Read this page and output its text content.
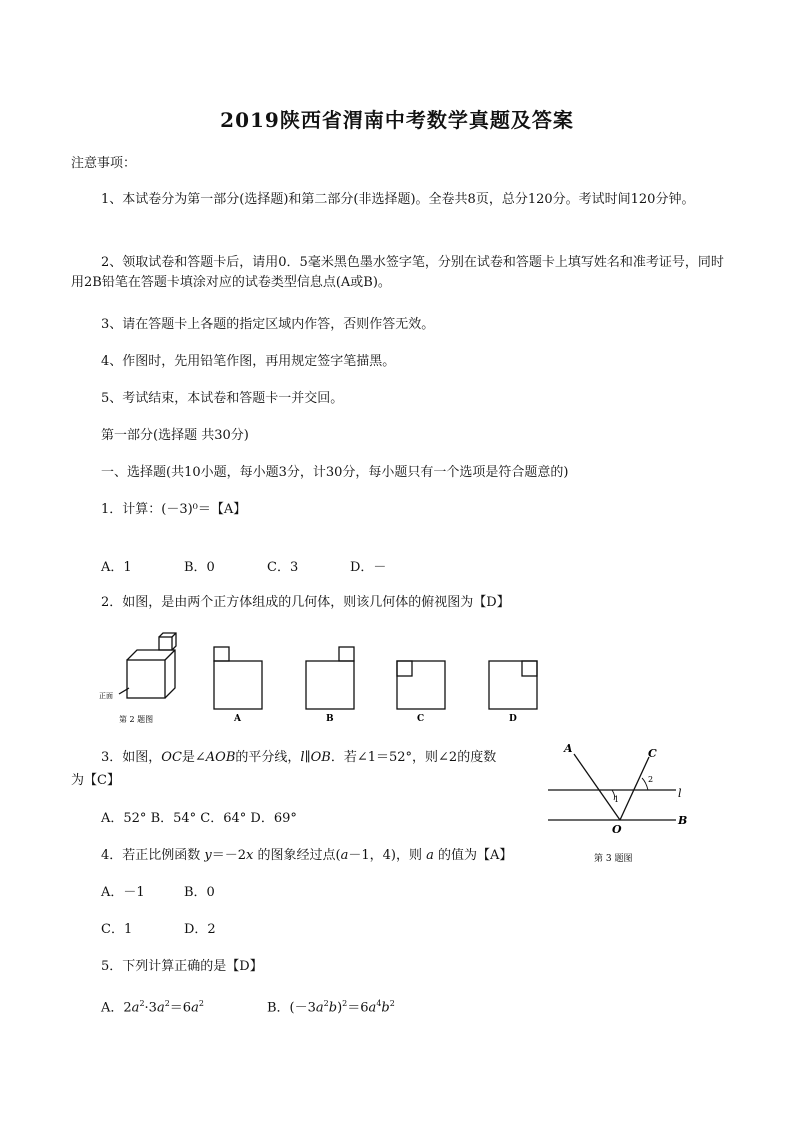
2019陕西省渭南中考数学真题及答案
注意事项：
1、本试卷分为第一部分(选择题)和第二部分(非选择题)。全卷共8页，总分120分。考试时间120分钟。
2、领取试卷和答题卡后，请用0．5毫米黑色墨水签字笔，分别在试卷和答题卡上填写姓名和准考证号，同时用2B铅笔在答题卡填涂对应的试卷类型信息点(A或B)。
3、请在答题卡上各题的指定区域内作答，否则作答无效。
4、作图时，先用铅笔作图，再用规定签字笔描黑。
5、考试结束，本试卷和答题卡一并交回。
第一部分(选择题 共30分)
一、选择题(共10小题，每小题3分，计30分，每小题只有一个选项是符合题意的)
1．计算：(－3)⁰＝【A】
A．1	B．0	C．3	D．－
2．如图，是由两个正方体组成的几何体，则该几何体的俯视图为【D】
正面
第 2 题图	A	B	C	D
3．如图，OC是∠AOB的平分线，l∥OB．若∠1＝52°，则∠2的度数
为【C】
A．52° B．54° C．64° D．69°
A	C
O
B
l
1
2
第 3 题图
4．若正比例函数 y＝－2x 的图象经过点(a－1，4)，则 a 的值为【A】
A．－1	B．0
C．1	D．2
5．下列计算正确的是【D】
A．$2a^2\cdot 3a^2=6a^2$	B．$(-3a^2b)^2=6a^4b^2$
